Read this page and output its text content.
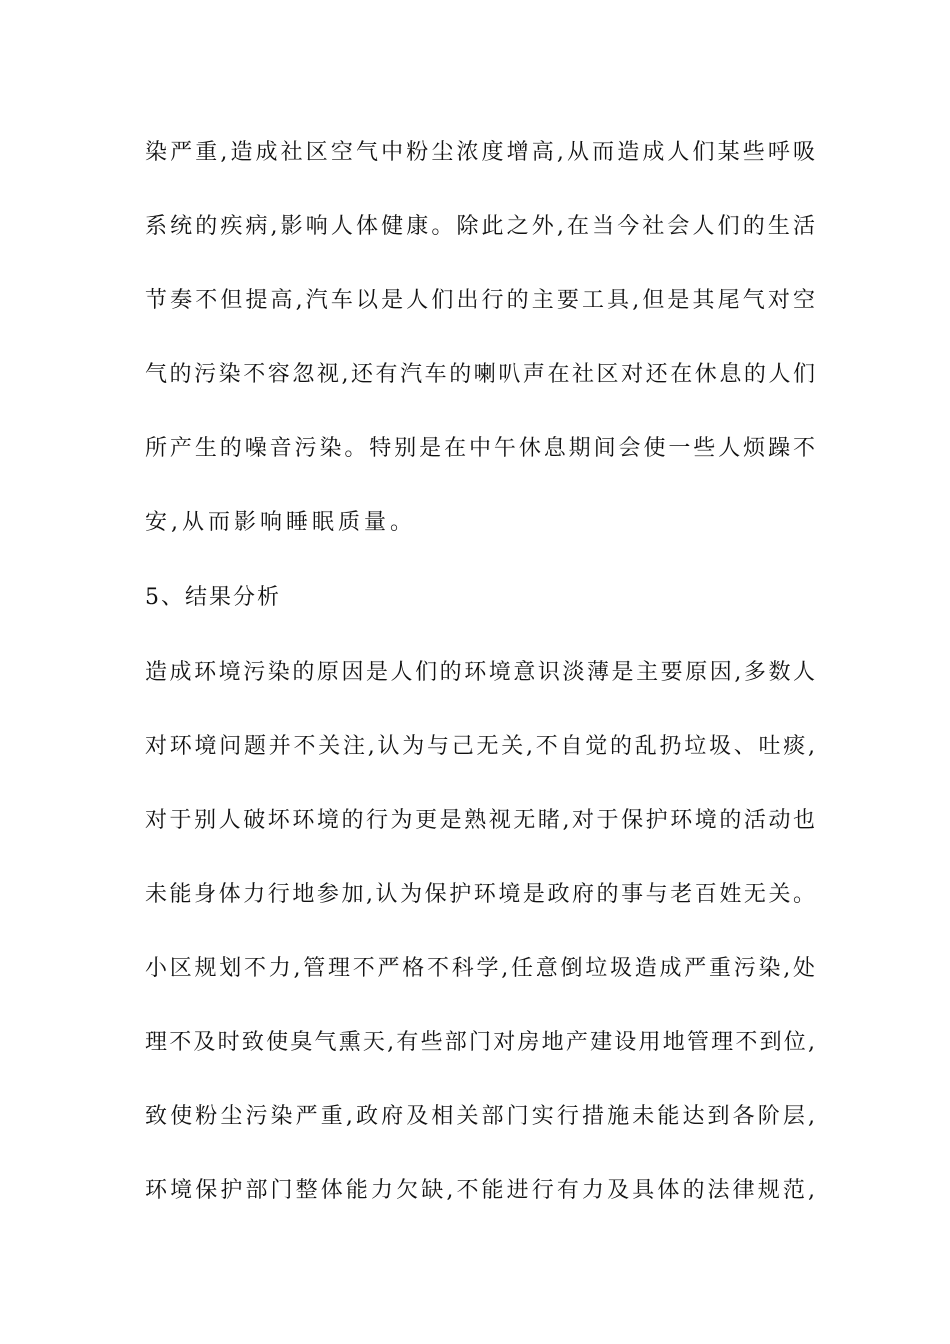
染严重,造成社区空气中粉尘浓度增高,从而造成人们某些呼吸
系统的疾病,影响人体健康。除此之外,在当今社会人们的生活
节奏不但提高,汽车以是人们出行的主要工具,但是其尾气对空
气的污染不容忽视,还有汽车的喇叭声在社区对还在休息的人们
所产生的噪音污染。特别是在中午休息期间会使一些人烦躁不
安,从而影响睡眠质量。
5、结果分析
造成环境污染的原因是人们的环境意识淡薄是主要原因,多数人
对环境问题并不关注,认为与己无关,不自觉的乱扔垃圾、吐痰,
对于别人破坏环境的行为更是熟视无睹,对于保护环境的活动也
未能身体力行地参加,认为保护环境是政府的事与老百姓无关。
小区规划不力,管理不严格不科学,任意倒垃圾造成严重污染,处
理不及时致使臭气熏天,有些部门对房地产建设用地管理不到位,
致使粉尘污染严重,政府及相关部门实行措施未能达到各阶层,
环境保护部门整体能力欠缺,不能进行有力及具体的法律规范,
